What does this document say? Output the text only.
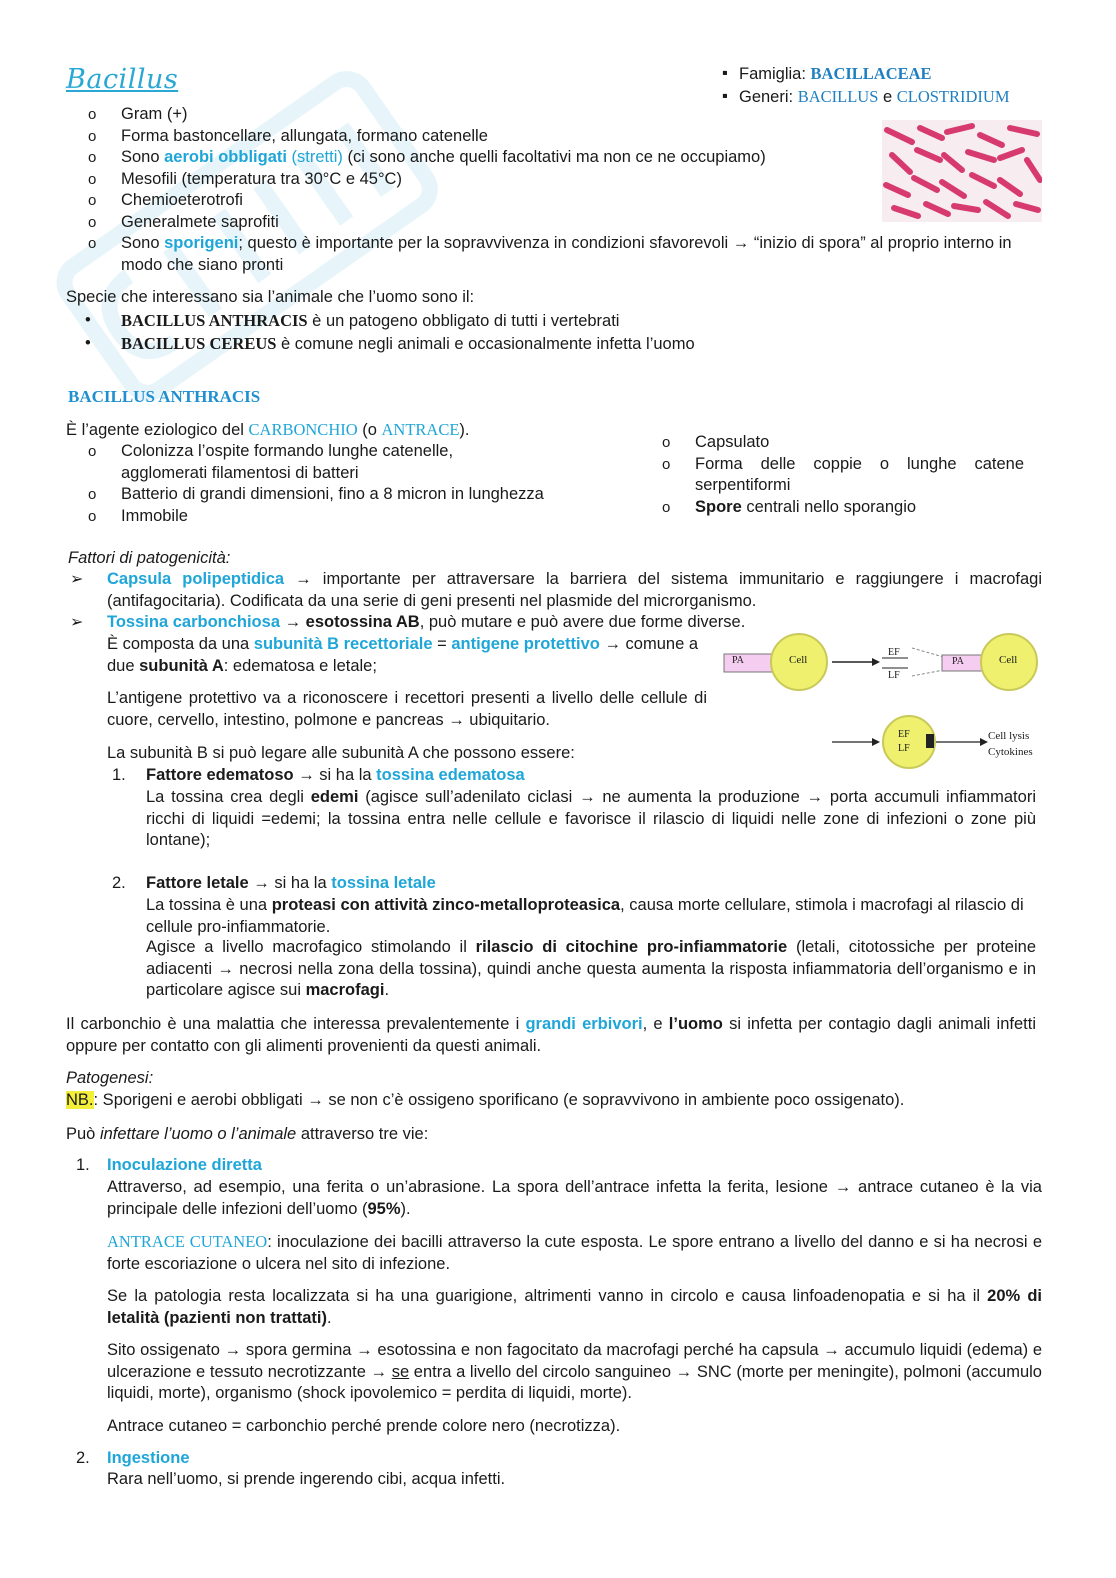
Bacillus
▪	Famiglia: BACILLACEAE
▪ Generi: BACILLUS e CLOSTRIDIUM
o Gram (+)
o Forma bastoncellare, allungata, formano catenelle
o Sono aerobi obbligati (stretti) (ci sono anche quelli facoltativi ma non ce ne occupiamo)
o Mesofili (temperatura tra 30°C e 45°C)
o Chemioeterotrofi
o Generalmete saprofiti
o Sono sporigeni; questo è importante per la sopravvivenza in condizioni sfavorevoli → “inizio di spora” al proprio interno in modo che siano pronti
Specie che interessano sia l’animale che l’uomo sono il:
• BACILLUS ANTHRACIS è un patogeno obbligato di tutti i vertebrati
• BACILLUS CEREUS è comune negli animali e occasionalmente infetta l’uomo
BACILLUS ANTHRACIS
È l’agente eziologico del CARBONCHIO (o ANTRACE).
o Colonizza l’ospite formando lunghe catenelle, agglomerati filamentosi di batteri
o Batterio di grandi dimensioni, fino a 8 micron in lunghezza
o Immobile
o Capsulato
o Forma delle coppie o lunghe catene serpentiformi
o Spore centrali nello sporangio
Fattori di patogenicità:
➢ Capsula polipeptidica → importante per attraversare la barriera del sistema immunitario e raggiungere i macrofagi (antifagocitaria). Codificata da una serie di geni presenti nel plasmide del microrganismo.
➢ Tossina carbonchiosa → esotossina AB, può mutare e può avere due forme diverse.
È composta da una subunità B recettoriale = antigene protettivo → comune a due subunità A: edematosa e letale;
L’antigene protettivo va a riconoscere i recettori presenti a livello delle cellule di cuore, cervello, intestino, polmone e pancreas → ubiquitario.
La subunità B si può legare alle subunità A che possono essere:
PA	Cell
EF
LF
PA	Cell
EF
LF
Cell lysis
Cytokines
1. Fattore edematoso → si ha la tossina edematosa
La tossina crea degli edemi (agisce sull’adenilato ciclasi → ne aumenta la produzione → porta accumuli infiammatori ricchi di liquidi =edemi; la tossina entra nelle cellule e favorisce il rilascio di liquidi nelle zone di infezioni o zone più lontane);
2. Fattore letale → si ha la tossina letale
La tossina è una proteasi con attività zinco-metalloproteasica, causa morte cellulare, stimola i macrofagi al rilascio di cellule pro-infiammatorie.
Agisce a livello macrofagico stimolando il rilascio di citochine pro-infiammatorie (letali, citotossiche per proteine adiacenti → necrosi nella zona della tossina), quindi anche questa aumenta la risposta infiammatoria dell’organismo e in particolare agisce sui macrofagi.
Il carbonchio è una malattia che interessa prevalentemente i grandi erbivori, e l’uomo si infetta per contagio dagli animali infetti oppure per contatto con gli alimenti provenienti da questi animali.
Patogenesi:
NB.: Sporigeni e aerobi obbligati → se non c’è ossigeno sporificano (e sopravvivono in ambiente poco ossigenato).
Può infettare l’uomo o l’animale attraverso tre vie:
1. Inoculazione diretta
Attraverso, ad esempio, una ferita o un’abrasione. La spora dell’antrace infetta la ferita, lesione → antrace cutaneo è la via principale delle infezioni dell’uomo (95%).
ANTRACE CUTANEO: inoculazione dei bacilli attraverso la cute esposta. Le spore entrano a livello del danno e si ha necrosi e forte escoriazione o ulcera nel sito di infezione.
Se la patologia resta localizzata si ha una guarigione, altrimenti vanno in circolo e causa linfoadenopatia e si ha il 20% di letalità (pazienti non trattati).
Sito ossigenato → spora germina → esotossina e non fagocitato da macrofagi perché ha capsula → accumulo liquidi (edema) e ulcerazione e tessuto necrotizzante → se entra a livello del circolo sanguineo → SNC (morte per meningite), polmoni (accumulo liquidi, morte), organismo (shock ipovolemico = perdita di liquidi, morte).
Antrace cutaneo = carbonchio perché prende colore nero (necrotizza).
2. Ingestione
Rara nell’uomo, si prende ingerendo cibi, acqua infetti.
